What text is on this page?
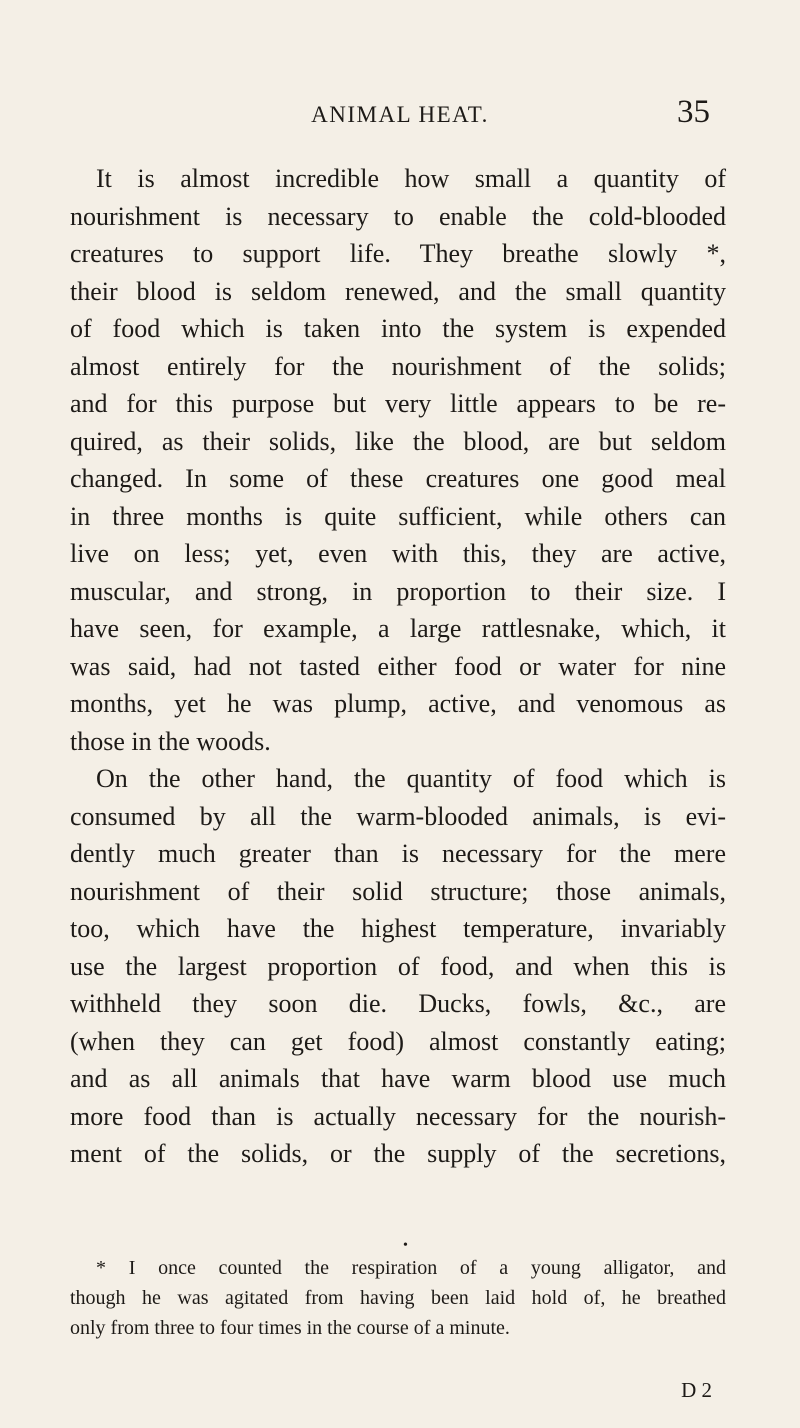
ANIMAL HEAT.	35
It is almost incredible how small a quantity of
nourishment is necessary to enable the cold-blooded
creatures to support life. They breathe slowly *,
their blood is seldom renewed, and the small quantity
of food which is taken into the system is expended
almost entirely for the nourishment of the solids;
and for this purpose but very little appears to be re-
quired, as their solids, like the blood, are but seldom
changed. In some of these creatures one good meal
in three months is quite sufficient, while others can
live on less; yet, even with this, they are active,
muscular, and strong, in proportion to their size. I
have seen, for example, a large rattlesnake, which, it
was said, had not tasted either food or water for nine
months, yet he was plump, active, and venomous as
those in the woods.
On the other hand, the quantity of food which is
consumed by all the warm-blooded animals, is evi-
dently much greater than is necessary for the mere
nourishment of their solid structure; those animals,
too, which have the highest temperature, invariably
use the largest proportion of food, and when this is
withheld they soon die. Ducks, fowls, &c., are
(when they can get food) almost constantly eating;
and as all animals that have warm blood use much
more food than is actually necessary for the nourish-
ment of the solids, or the supply of the secretions,
•
* I once counted the respiration of a young alligator, and
though he was agitated from having been laid hold of, he breathed
only from three to four times in the course of a minute.
D 2
